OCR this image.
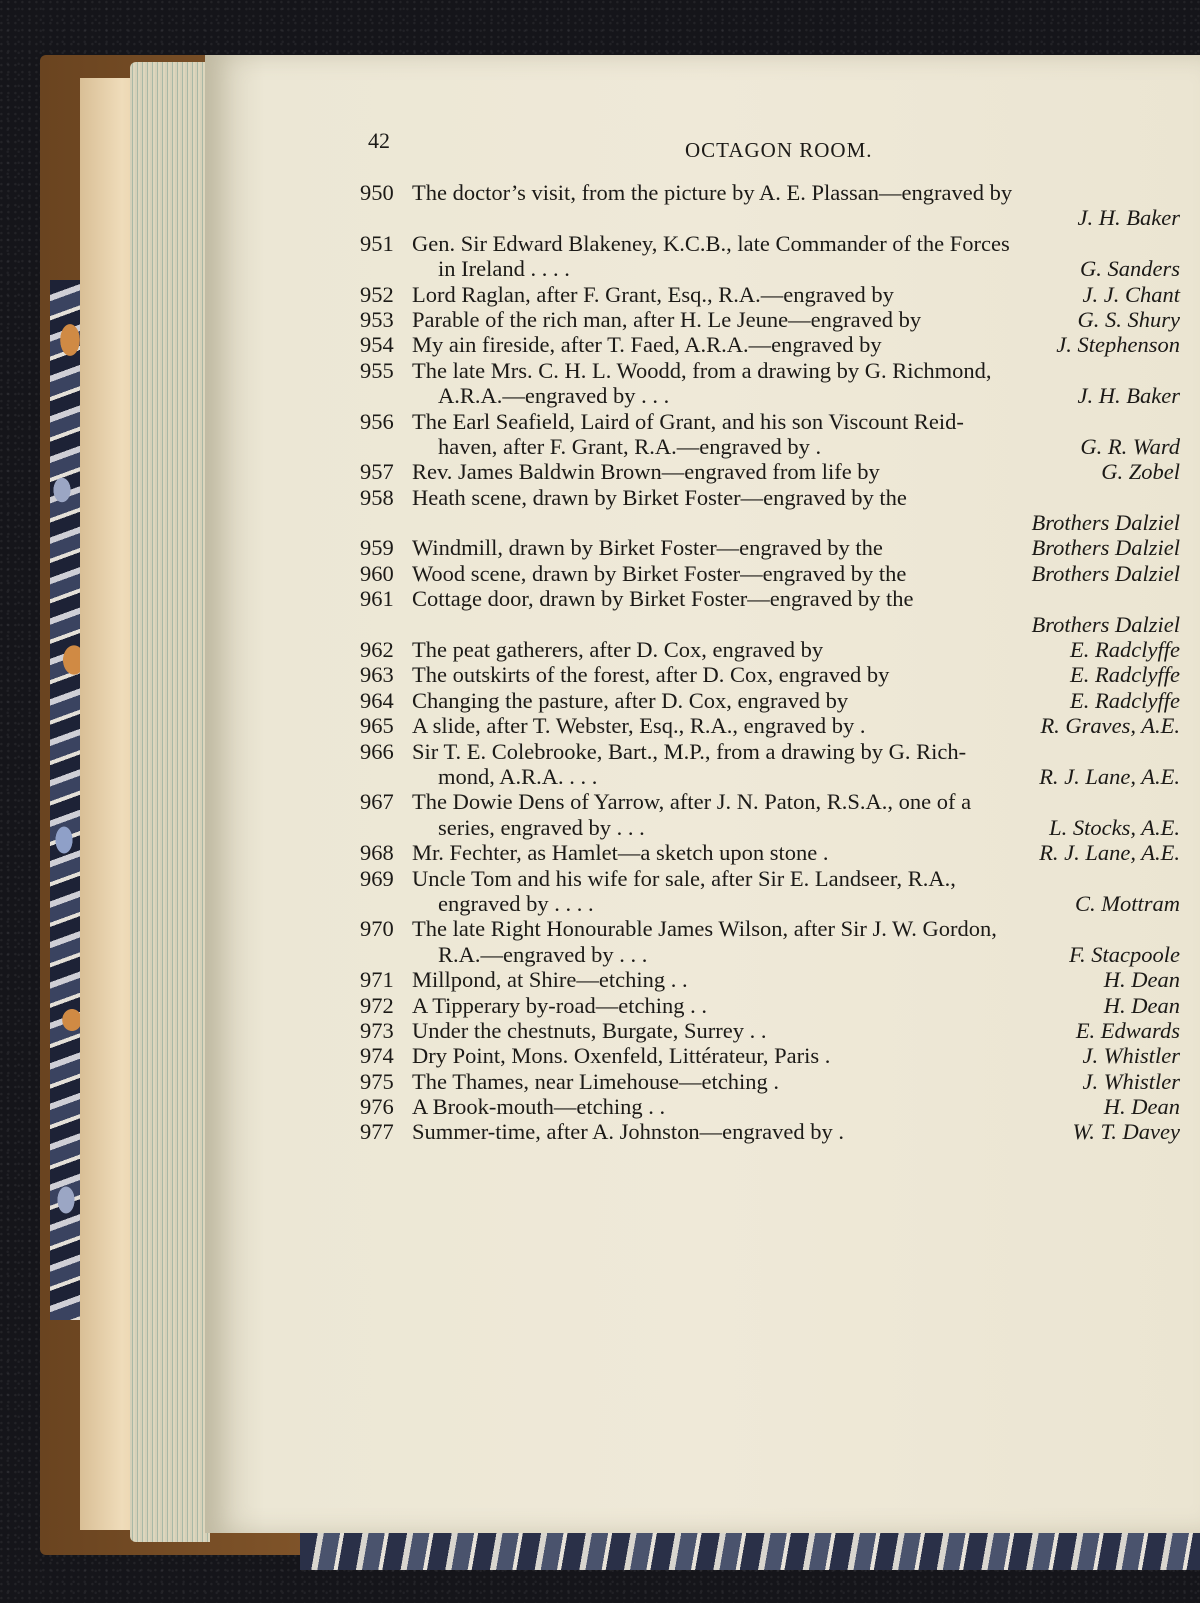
42	OCTAGON ROOM.
950 The doctor’s visit, from the picture by A. E. Plassan—engraved by
J. H. Baker
951 Gen. Sir Edward Blakeney, K.C.B., late Commander of the Forces
in Ireland . . . .	G. Sanders
952 Lord Raglan, after F. Grant, Esq., R.A.—engraved by	J. J. Chant
953 Parable of the rich man, after H. Le Jeune—engraved by	G. S. Shury
954 My ain fireside, after T. Faed, A.R.A.—engraved by	J. Stephenson
955 The late Mrs. C. H. L. Woodd, from a drawing by G. Richmond,
A.R.A.—engraved by . . .	J. H. Baker
956 The Earl Seafield, Laird of Grant, and his son Viscount Reid-
haven, after F. Grant, R.A.—engraved by .	G. R. Ward
957 Rev. James Baldwin Brown—engraved from life by	G. Zobel
958 Heath scene, drawn by Birket Foster—engraved by the
Brothers Dalziel
959 Windmill, drawn by Birket Foster—engraved by the	Brothers Dalziel
960 Wood scene, drawn by Birket Foster—engraved by the	Brothers Dalziel
961 Cottage door, drawn by Birket Foster—engraved by the
Brothers Dalziel
962 The peat gatherers, after D. Cox, engraved by	E. Radclyffe
963 The outskirts of the forest, after D. Cox, engraved by	E. Radclyffe
964 Changing the pasture, after D. Cox, engraved by	E. Radclyffe
965 A slide, after T. Webster, Esq., R.A., engraved by .	R. Graves, A.E.
966 Sir T. E. Colebrooke, Bart., M.P., from a drawing by G. Rich-
mond, A.R.A. . . .	R. J. Lane, A.E.
967 The Dowie Dens of Yarrow, after J. N. Paton, R.S.A., one of a
series, engraved by . . .	L. Stocks, A.E.
968 Mr. Fechter, as Hamlet—a sketch upon stone .	R. J. Lane, A.E.
969 Uncle Tom and his wife for sale, after Sir E. Landseer, R.A.,
engraved by . . . .	C. Mottram
970 The late Right Honourable James Wilson, after Sir J. W. Gordon,
R.A.—engraved by . . .	F. Stacpoole
971 Millpond, at Shire—etching . .	H. Dean
972 A Tipperary by-road—etching . .	H. Dean
973 Under the chestnuts, Burgate, Surrey . .	E. Edwards
974 Dry Point, Mons. Oxenfeld, Littérateur, Paris .	J. Whistler
975 The Thames, near Limehouse—etching .	J. Whistler
976 A Brook-mouth—etching . .	H. Dean
977 Summer-time, after A. Johnston—engraved by .	W. T. Davey
